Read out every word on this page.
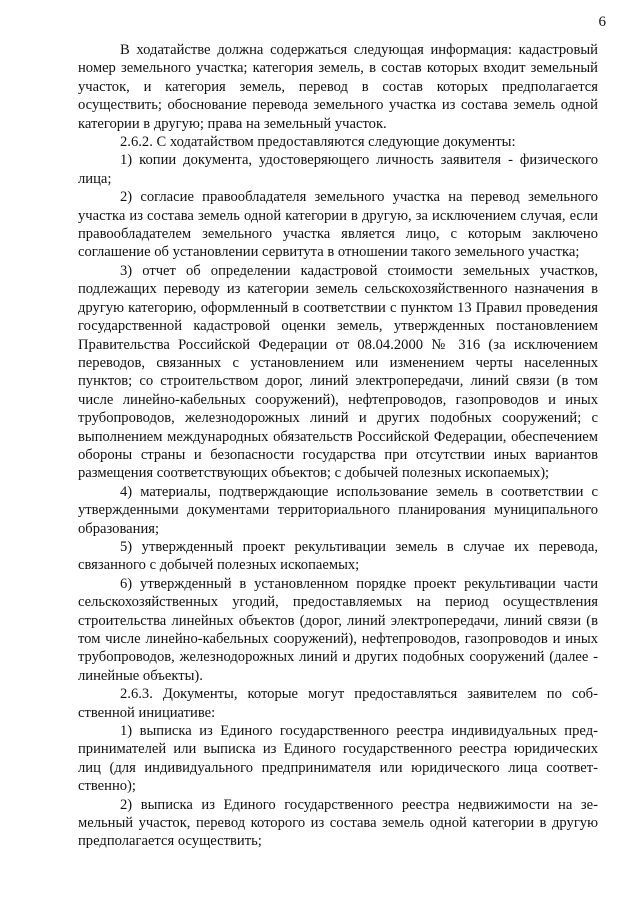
6

В ходатайстве должна содержаться следующая информация: кадастровый номер земельного участка; категория земель, в состав которых входит земельный участок, и категория земель, перевод в состав которых предполагается осуществить; обоснование перевода земельного участка из состава земель одной категории в другую; права на земельный участок.

2.6.2. С ходатайством предоставляются следующие документы:

1) копии документа, удостоверяющего личность заявителя - физического лица;

2) согласие правообладателя земельного участка на перевод земельного участка из состава земель одной категории в другую, за исключением случая, если правообладателем земельного участка является лицо, с которым заключено соглашение об установлении сервитута в отношении такого земельного участка;

3) отчет об определении кадастровой стоимости земельных участков, подлежащих переводу из категории земель сельскохозяйственного назначения в другую категорию, оформленный в соответствии с пунктом 13 Правил проведения государственной кадастровой оценки земель, утвержденных постановлением Правительства Российской Федерации от 08.04.2000 № 316 (за исключением переводов, связанных с установлением или изменением черты населенных пунктов; со строительством дорог, линий электропередачи, линий связи (в том числе линейно-кабельных сооружений), нефтепроводов, газопроводов и иных трубопроводов, железнодорожных линий и других подобных сооружений; с выполнением международных обязательств Российской Федерации, обеспечением обороны страны и безопасности государства при отсутствии иных вариантов размещения соответствующих объектов; с добычей полезных ископаемых);

4) материалы, подтверждающие использование земель в соответствии с утвержденными документами территориального планирования муниципального образования;

5) утвержденный проект рекультивации земель в случае их перевода, связанного с добычей полезных ископаемых;

6) утвержденный в установленном порядке проект рекультивации части сельскохозяйственных угодий, предоставляемых на период осуществления строительства линейных объектов (дорог, линий электропередачи, линий связи (в том числе линейно-кабельных сооружений), нефтепроводов, газопроводов и иных трубопроводов, железнодорожных линий и других подобных сооружений (далее - линейные объекты).

2.6.3. Документы, которые могут предоставляться заявителем по собственной инициативе:

1) выписка из Единого государственного реестра индивидуальных предпринимателей или выписка из Единого государственного реестра юридических лиц (для индивидуального предпринимателя или юридического лица соответственно);

2) выписка из Единого государственного реестра недвижимости на земельный участок, перевод которого из состава земель одной категории в другую предполагается осуществить;
